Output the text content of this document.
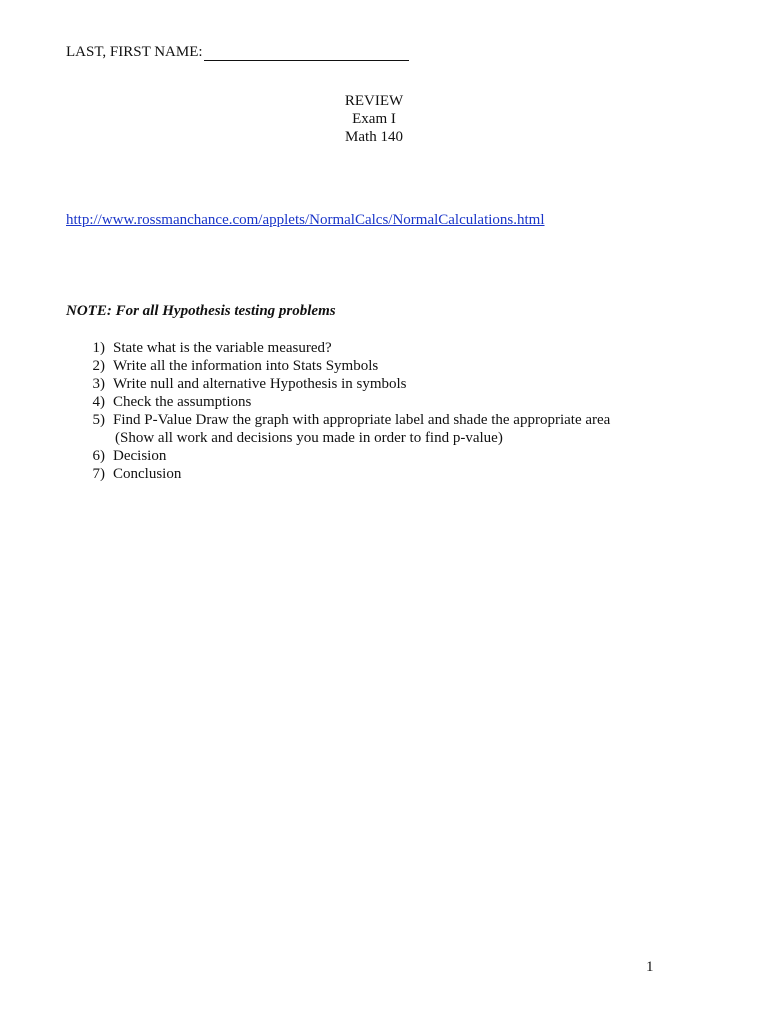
LAST, FIRST NAME:
REVIEW
Exam I
Math 140
http://www.rossmanchance.com/applets/NormalCalcs/NormalCalculations.html
NOTE: For all Hypothesis testing problems
1) State what is the variable measured?
2) Write all the information into Stats Symbols
3) Write null and alternative Hypothesis in symbols
4) Check the assumptions
5) Find P-Value Draw the graph with appropriate label and shade the appropriate area
(Show all work and decisions you made in order to find p-value)
6) Decision
7) Conclusion
1
